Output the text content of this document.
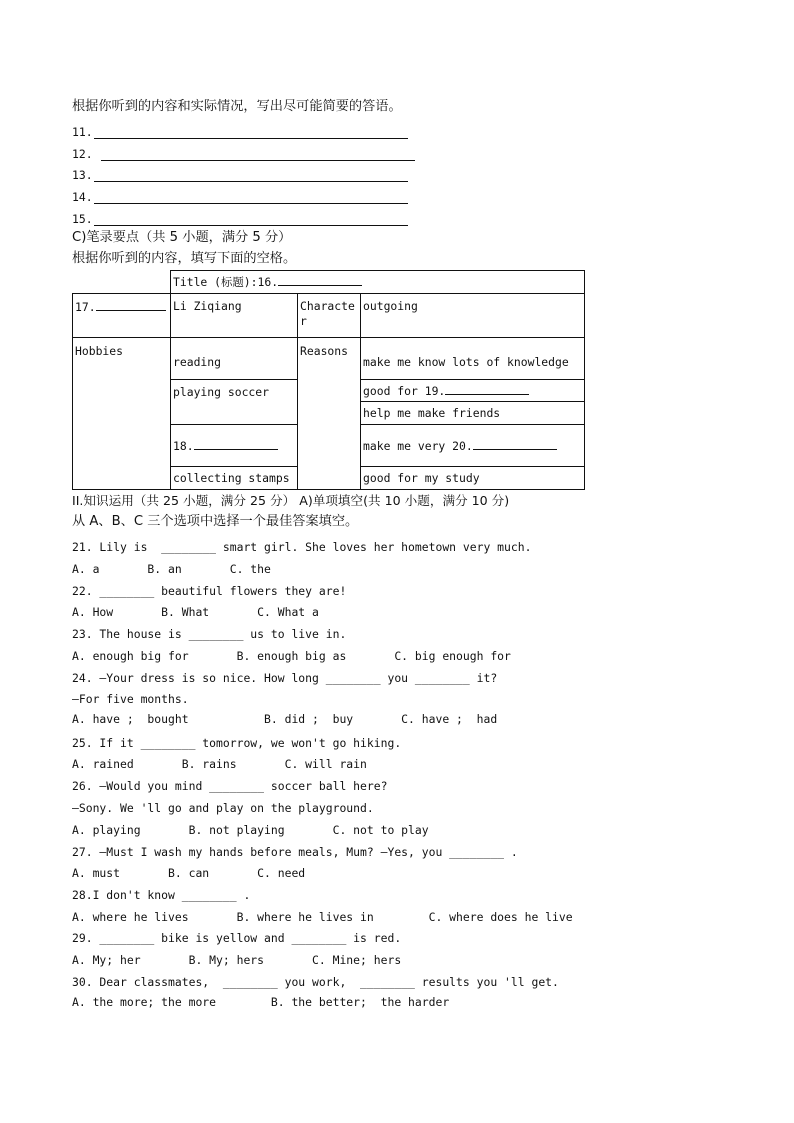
根据你听到的内容和实际情况，写出尽可能简要的答语。
11.
12.
13.
14.
15.
C)笔录要点（共 5 小题，满分 5 分）
根据你听到的内容，填写下面的空格。
	Title (标题):16.		
17.	Li Ziqiang	Characte r	outgoing
Hobbies	reading	Reasons	make me know lots of knowledge
	playing soccer		good for 19.
			help me make friends
	18.		make me very 20.
	collecting stamps		good for my study
II.知识运用（共 25 小题，满分 25 分） A)单项填空(共 10 小题，满分 10 分)
从 A、B、C 三个选项中选择一个最佳答案填空。
21. Lily is  ________ smart girl. She loves her hometown very much.
A. a       B. an       C. the
22. ________ beautiful flowers they are!
A. How       B. What       C. What a
23. The house is ________ us to live in.
A. enough big for       B. enough big as       C. big enough for
24. —Your dress is so nice. How long ________ you ________ it?
—For five months.
A. have ;  bought           B. did ;  buy       C. have ;  had
25. If it ________ tomorrow, we won't go hiking.
A. rained       B. rains       C. will rain
26. —Would you mind ________ soccer ball here?
—Sony. We 'll go and play on the playground.
A. playing       B. not playing       C. not to play
27. —Must I wash my hands before meals, Mum? —Yes, you ________ .
A. must       B. can       C. need
28.I don't know ________ .
A. where he lives       B. where he lives in        C. where does he live
29. ________ bike is yellow and ________ is red.
A. My; her       B. My; hers       C. Mine; hers
30. Dear classmates,  ________ you work,  ________ results you 'll get.
A. the more; the more        B. the better;  the harder
